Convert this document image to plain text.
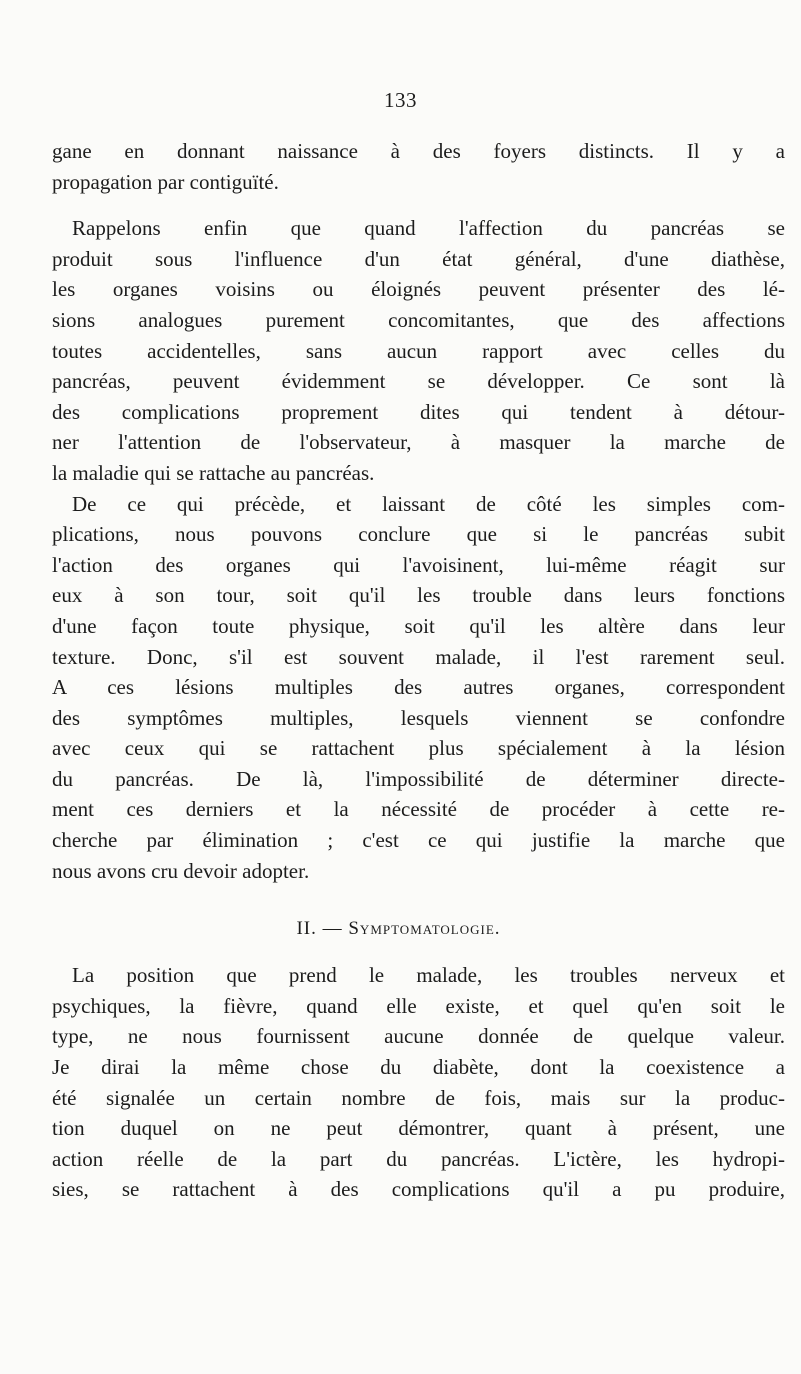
133
gane en donnant naissance à des foyers distincts. Il y a
propagation par contiguïté.
Rappelons enfin que quand l'affection du pancréas se
produit sous l'influence d'un état général, d'une diathèse,
les organes voisins ou éloignés peuvent présenter des lé-
sions analogues purement concomitantes, que des affections
toutes accidentelles, sans aucun rapport avec celles du
pancréas, peuvent évidemment se développer. Ce sont là
des complications proprement dites qui tendent à détour-
ner l'attention de l'observateur, à masquer la marche de
la maladie qui se rattache au pancréas.
De ce qui précède, et laissant de côté les simples com-
plications, nous pouvons conclure que si le pancréas subit
l'action des organes qui l'avoisinent, lui-même réagit sur
eux à son tour, soit qu'il les trouble dans leurs fonctions
d'une façon toute physique, soit qu'il les altère dans leur
texture. Donc, s'il est souvent malade, il l'est rarement seul.
A ces lésions multiples des autres organes, correspondent
des symptômes multiples, lesquels viennent se confondre
avec ceux qui se rattachent plus spécialement à la lésion
du pancréas. De là, l'impossibilité de déterminer directe-
ment ces derniers et la nécessité de procéder à cette re-
cherche par élimination ; c'est ce qui justifie la marche que
nous avons cru devoir adopter.
II. — Symptomatologie.
La position que prend le malade, les troubles nerveux et
psychiques, la fièvre, quand elle existe, et quel qu'en soit le
type, ne nous fournissent aucune donnée de quelque valeur.
Je dirai la même chose du diabète, dont la coexistence a
été signalée un certain nombre de fois, mais sur la produc-
tion duquel on ne peut démontrer, quant à présent, une
action réelle de la part du pancréas. L'ictère, les hydropi-
sies, se rattachent à des complications qu'il a pu produire,
